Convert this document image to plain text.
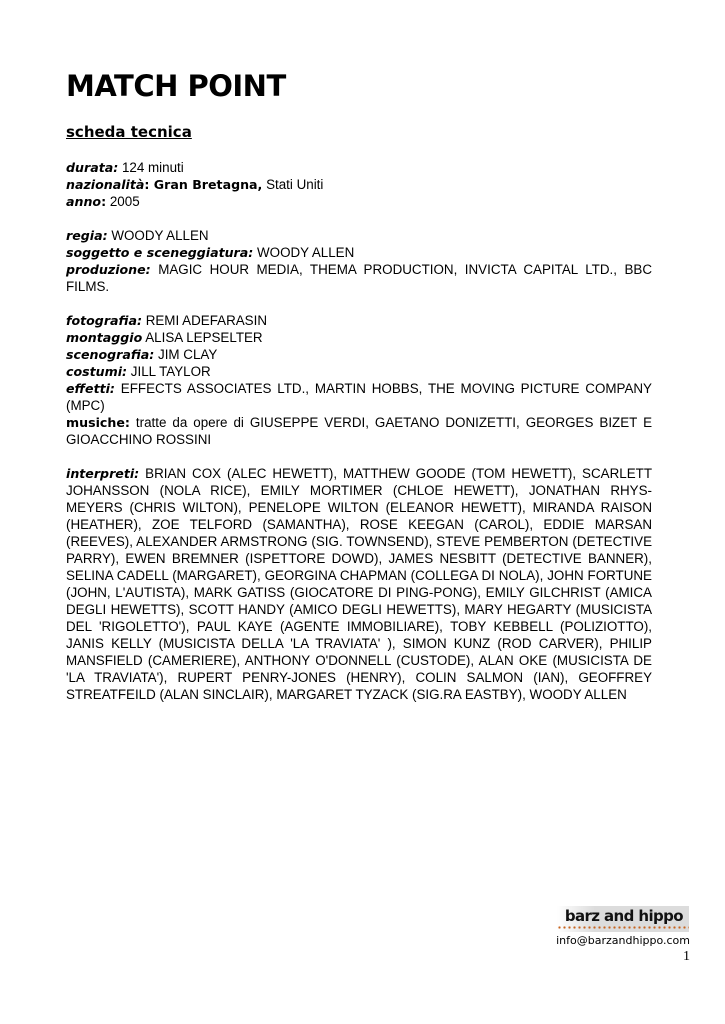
MATCH POINT
scheda tecnica

durata: 124 minuti

nazionalità: Gran Bretagna, Stati Uniti

anno: 2005

regia: WOODY ALLEN

soggetto e sceneggiatura: WOODY ALLEN

produzione: MAGIC HOUR MEDIA, THEMA PRODUCTION, INVICTA CAPITAL LTD., BBC FILMS.

fotografia: REMI ADEFARASIN

montaggio ALISA LEPSELTER

scenografia: JIM CLAY

costumi: JILL TAYLOR

effetti: EFFECTS ASSOCIATES LTD., MARTIN HOBBS, THE MOVING PICTURE COMPANY (MPC)

musiche: tratte da opere di GIUSEPPE VERDI, GAETANO DONIZETTI, GEORGES BIZET E GIOACCHINO ROSSINI

interpreti: BRIAN COX (ALEC HEWETT), MATTHEW GOODE (TOM HEWETT), SCARLETT JOHANSSON (NOLA RICE), EMILY MORTIMER (CHLOE HEWETT), JONATHAN RHYS-MEYERS (CHRIS WILTON), PENELOPE WILTON (ELEANOR HEWETT), MIRANDA RAISON (HEATHER), ZOE TELFORD (SAMANTHA), ROSE KEEGAN (CAROL), EDDIE MARSAN (REEVES), ALEXANDER ARMSTRONG (SIG. TOWNSEND), STEVE PEMBERTON (DETECTIVE PARRY), EWEN BREMNER (ISPETTORE DOWD), JAMES NESBITT (DETECTIVE BANNER), SELINA CADELL (MARGARET), GEORGINA CHAPMAN (COLLEGA DI NOLA), JOHN FORTUNE (JOHN, L'AUTISTA), MARK GATISS (GIOCATORE DI PING-PONG), EMILY GILCHRIST (AMICA DEGLI HEWETTS), SCOTT HANDY (AMICO DEGLI HEWETTS), MARY HEGARTY (MUSICISTA DEL 'RIGOLETTO'), PAUL KAYE (AGENTE IMMOBILIARE), TOBY KEBBELL (POLIZIOTTO), JANIS KELLY (MUSICISTA DELLA 'LA TRAVIATA' ), SIMON KUNZ (ROD CARVER), PHILIP MANSFIELD (CAMERIERE), ANTHONY O'DONNELL (CUSTODE), ALAN OKE (MUSICISTA DE 'LA TRAVIATA'), RUPERT PENRY-JONES (HENRY), COLIN SALMON (IAN), GEOFFREY STREATFEILD (ALAN SINCLAIR), MARGARET TYZACK (SIG.RA EASTBY), WOODY ALLEN

barz and hippo
info@barzandhippo.com
1
